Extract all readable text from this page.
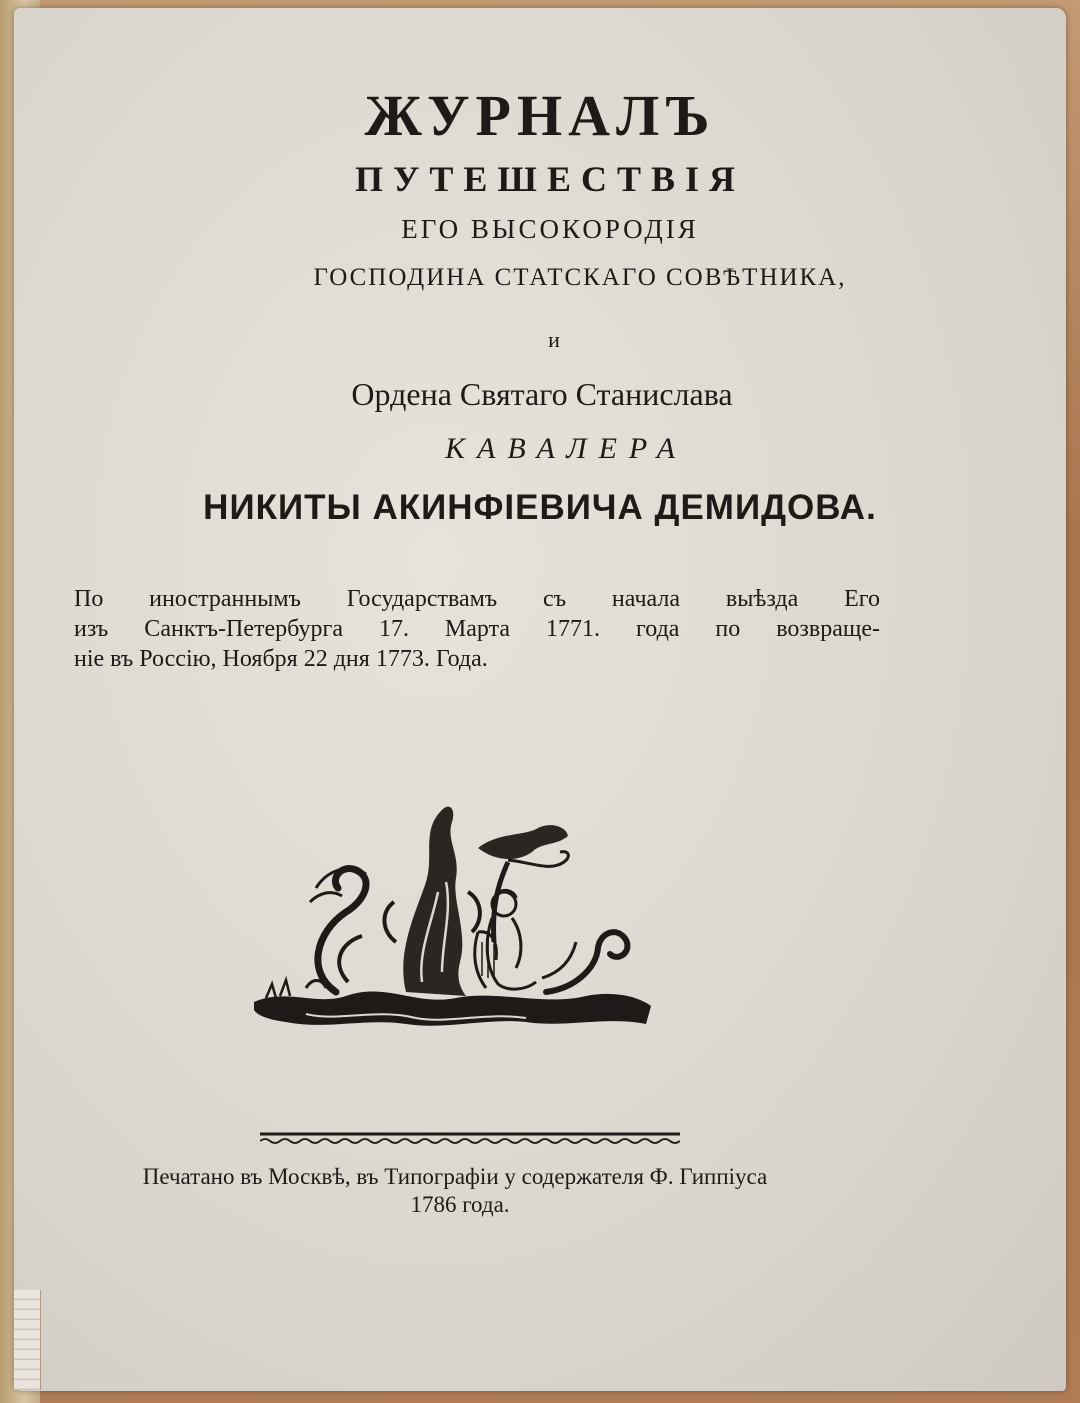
ЖУРНАЛЪ
ПУТЕШЕСТВІЯ
ЕГО ВЫСОКОРОДІЯ
ГОСПОДИНА СТАТСКАГО СОВѢТНИКА,
и
Ордена Святаго Станислава
КАВАЛЕРА
НИКИТЫ АКИНФІЕВИЧА ДЕМИДОВА.
По иностраннымъ Государствамъ съ начала выѣзда Его
изъ Санктъ-Петербурга 17. Марта 1771. года по возвраще-
ніе въ Россію, Ноября 22 дня 1773. Года.
Печатано въ Москвѣ, въ Типографіи у содержателя Ф. Гиппіуса
1786 года.
